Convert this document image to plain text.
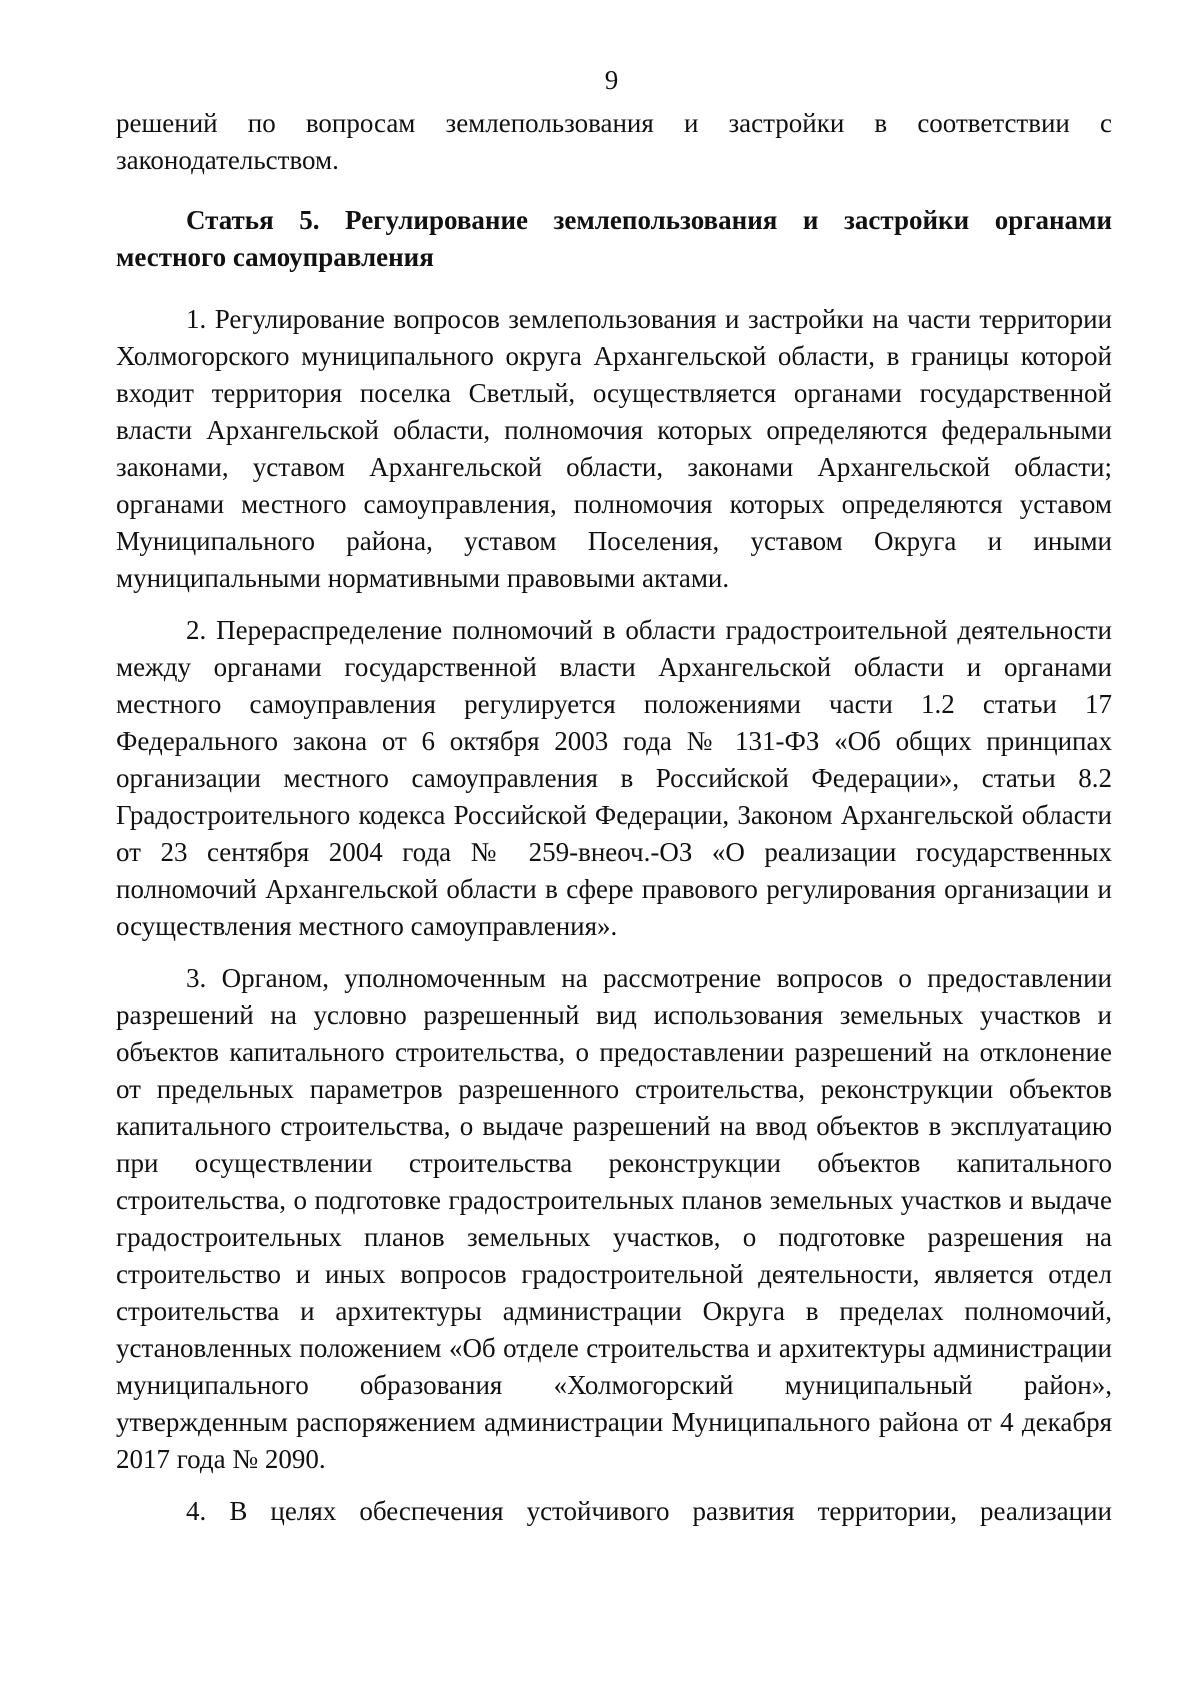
9

решений по вопросам землепользования и застройки в соответствии с законодательством.

Статья 5. Регулирование землепользования и застройки органами местного самоуправления

1. Регулирование вопросов землепользования и застройки на части территории Холмогорского муниципального округа Архангельской области, в границы которой входит территория поселка Светлый, осуществляется органами государственной власти Архангельской области, полномочия которых определяются федеральными законами, уставом Архангельской области, законами Архангельской области; органами местного самоуправления, полномочия которых определяются уставом Муниципального района, уставом Поселения, уставом Округа и иными муниципальными нормативными правовыми актами.

2. Перераспределение полномочий в области градостроительной деятельности между органами государственной власти Архангельской области и органами местного самоуправления регулируется положениями части 1.2 статьи 17 Федерального закона от 6 октября 2003 года № 131-ФЗ «Об общих принципах организации местного самоуправления в Российской Федерации», статьи 8.2 Градостроительного кодекса Российской Федерации, Законом Архангельской области от 23 сентября 2004 года № 259-внеоч.-ОЗ «О реализации государственных полномочий Архангельской области в сфере правового регулирования организации и осуществления местного самоуправления».

3. Органом, уполномоченным на рассмотрение вопросов о предоставлении разрешений на условно разрешенный вид использования земельных участков и объектов капитального строительства, о предоставлении разрешений на отклонение от предельных параметров разрешенного строительства, реконструкции объектов капитального строительства, о выдаче разрешений на ввод объектов в эксплуатацию при осуществлении строительства реконструкции объектов капитального строительства, о подготовке градостроительных планов земельных участков и выдаче градостроительных планов земельных участков, о подготовке разрешения на строительство и иных вопросов градостроительной деятельности, является отдел строительства и архитектуры администрации Округа в пределах полномочий, установленных положением «Об отделе строительства и архитектуры администрации муниципального образования «Холмогорский муниципальный район», утвержденным распоряжением администрации Муниципального района от 4 декабря 2017 года № 2090.

4. В целях обеспечения устойчивого развития территории, реализации
